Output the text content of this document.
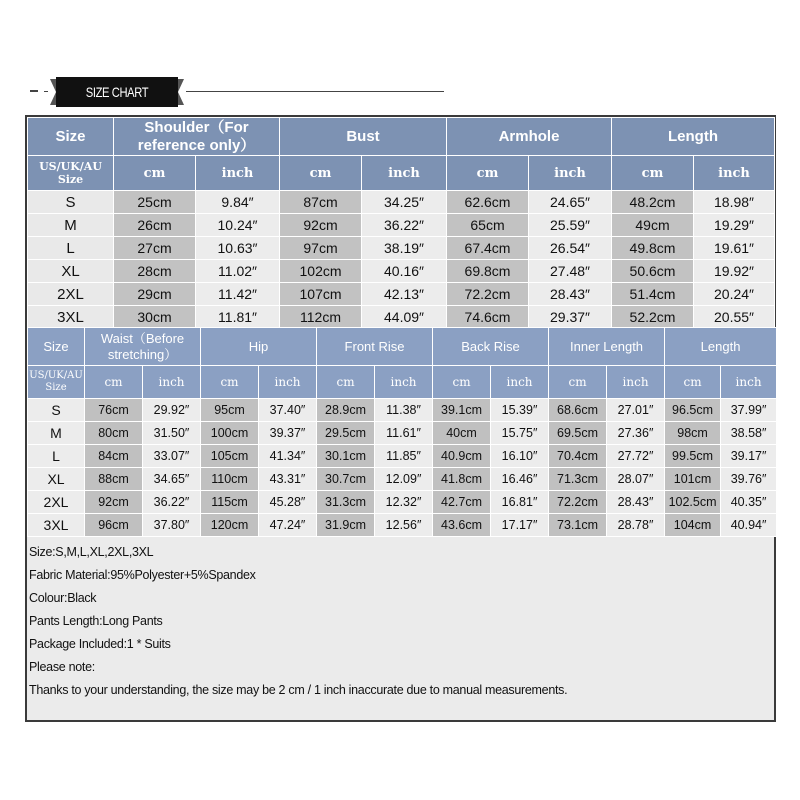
SIZE CHART
Size	Shoulder（For reference only）		Bust		Armhole		Length	
US/UK/AU Size	cm	inch	cm	inch	cm	inch	cm	inch
S	25cm	9.84″	87cm	34.25″	62.6cm	24.65″	48.2cm	18.98″
M	26cm	10.24″	92cm	36.22″	65cm	25.59″	49cm	19.29″
L	27cm	10.63″	97cm	38.19″	67.4cm	26.54″	49.8cm	19.61″
XL	28cm	11.02″	102cm	40.16″	69.8cm	27.48″	50.6cm	19.92″
2XL	29cm	11.42″	107cm	42.13″	72.2cm	28.43″	51.4cm	20.24″
3XL	30cm	11.81″	112cm	44.09″	74.6cm	29.37″	52.2cm	20.55″
Size	Waist（Before stretching）		Hip		Front Rise		Back Rise		Inner Length		Length	
US/UK/AU Size	cm	inch	cm	inch	cm	inch	cm	inch	cm	inch	cm	inch
S	76cm	29.92″	95cm	37.40″	28.9cm	11.38″	39.1cm	15.39″	68.6cm	27.01″	96.5cm	37.99″
M	80cm	31.50″	100cm	39.37″	29.5cm	11.61″	40cm	15.75″	69.5cm	27.36″	98cm	38.58″
L	84cm	33.07″	105cm	41.34″	30.1cm	11.85″	40.9cm	16.10″	70.4cm	27.72″	99.5cm	39.17″
XL	88cm	34.65″	110cm	43.31″	30.7cm	12.09″	41.8cm	16.46″	71.3cm	28.07″	101cm	39.76″
2XL	92cm	36.22″	115cm	45.28″	31.3cm	12.32″	42.7cm	16.81″	72.2cm	28.43″	102.5cm	40.35″
3XL	96cm	37.80″	120cm	47.24″	31.9cm	12.56″	43.6cm	17.17″	73.1cm	28.78″	104cm	40.94″
Size:S,M,L,XL,2XL,3XL
Fabric Material:95%Polyester+5%Spandex
Colour:Black
Pants Length:Long Pants
Package Included:1 * Suits
Please note:
Thanks to your understanding, the size may be 2 cm / 1 inch inaccurate due to manual measurements.
